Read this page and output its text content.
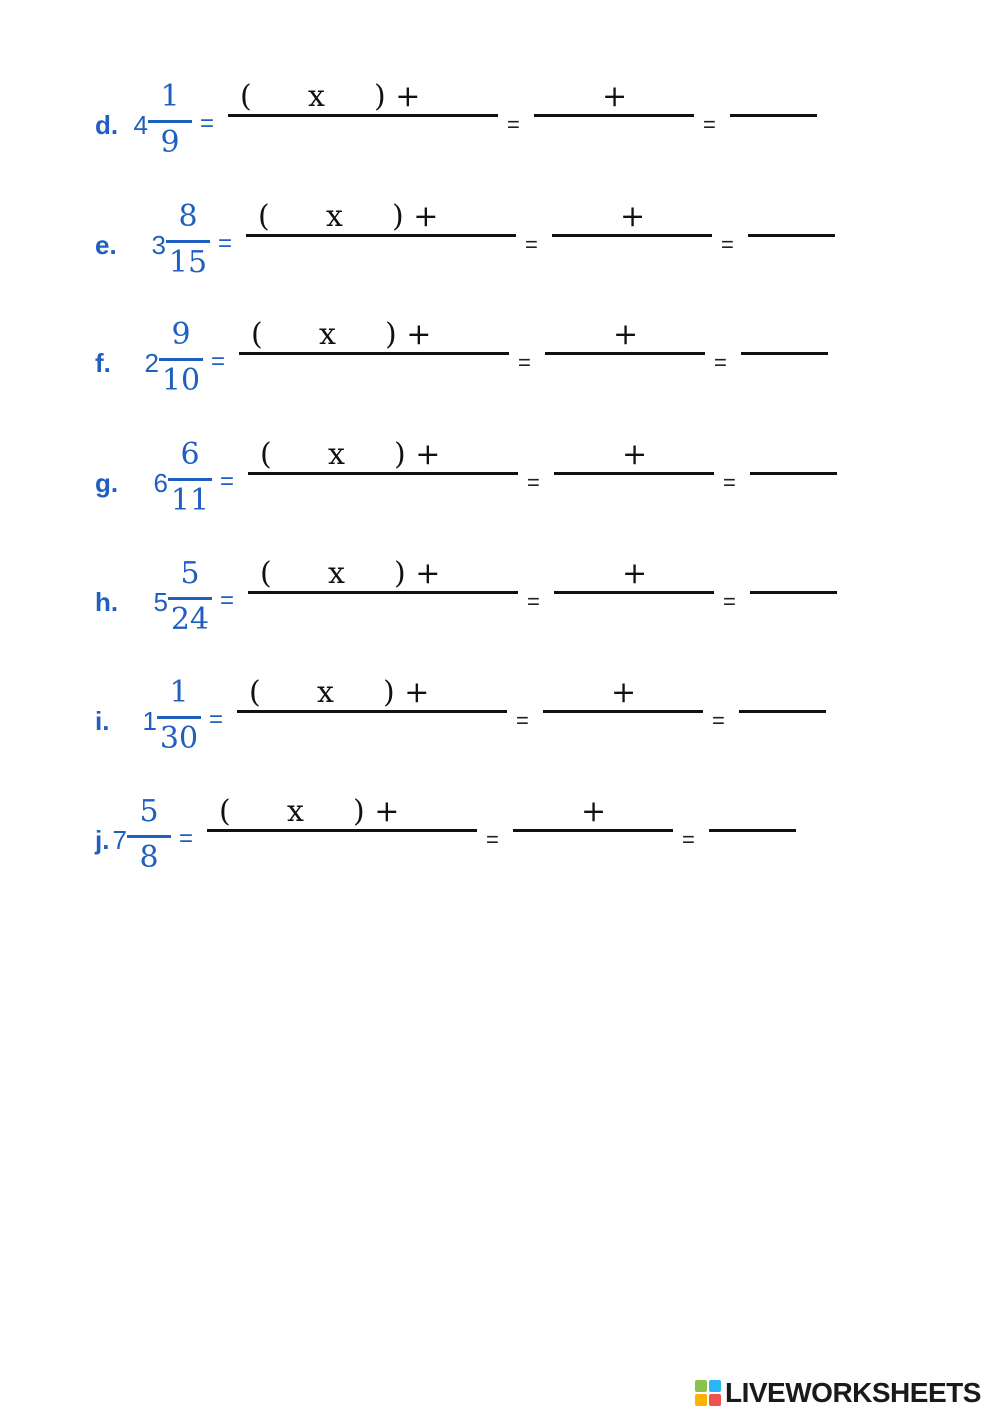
d. 4
1
9
=
( x ) +
=
+
=
e. 3
8
15
=
( x ) +
=
+
=
f. 2
9
10
=
( x ) +
=
+
=
g. 6
6
11
=
( x ) +
=
+
=
h. 5
5
24
=
( x ) +
=
+
=
i. 1
1
30
=
( x ) +
=
+
=
j. 7
5
8
=
( x ) +
=
+
=
LIVEWORKSHEETS
